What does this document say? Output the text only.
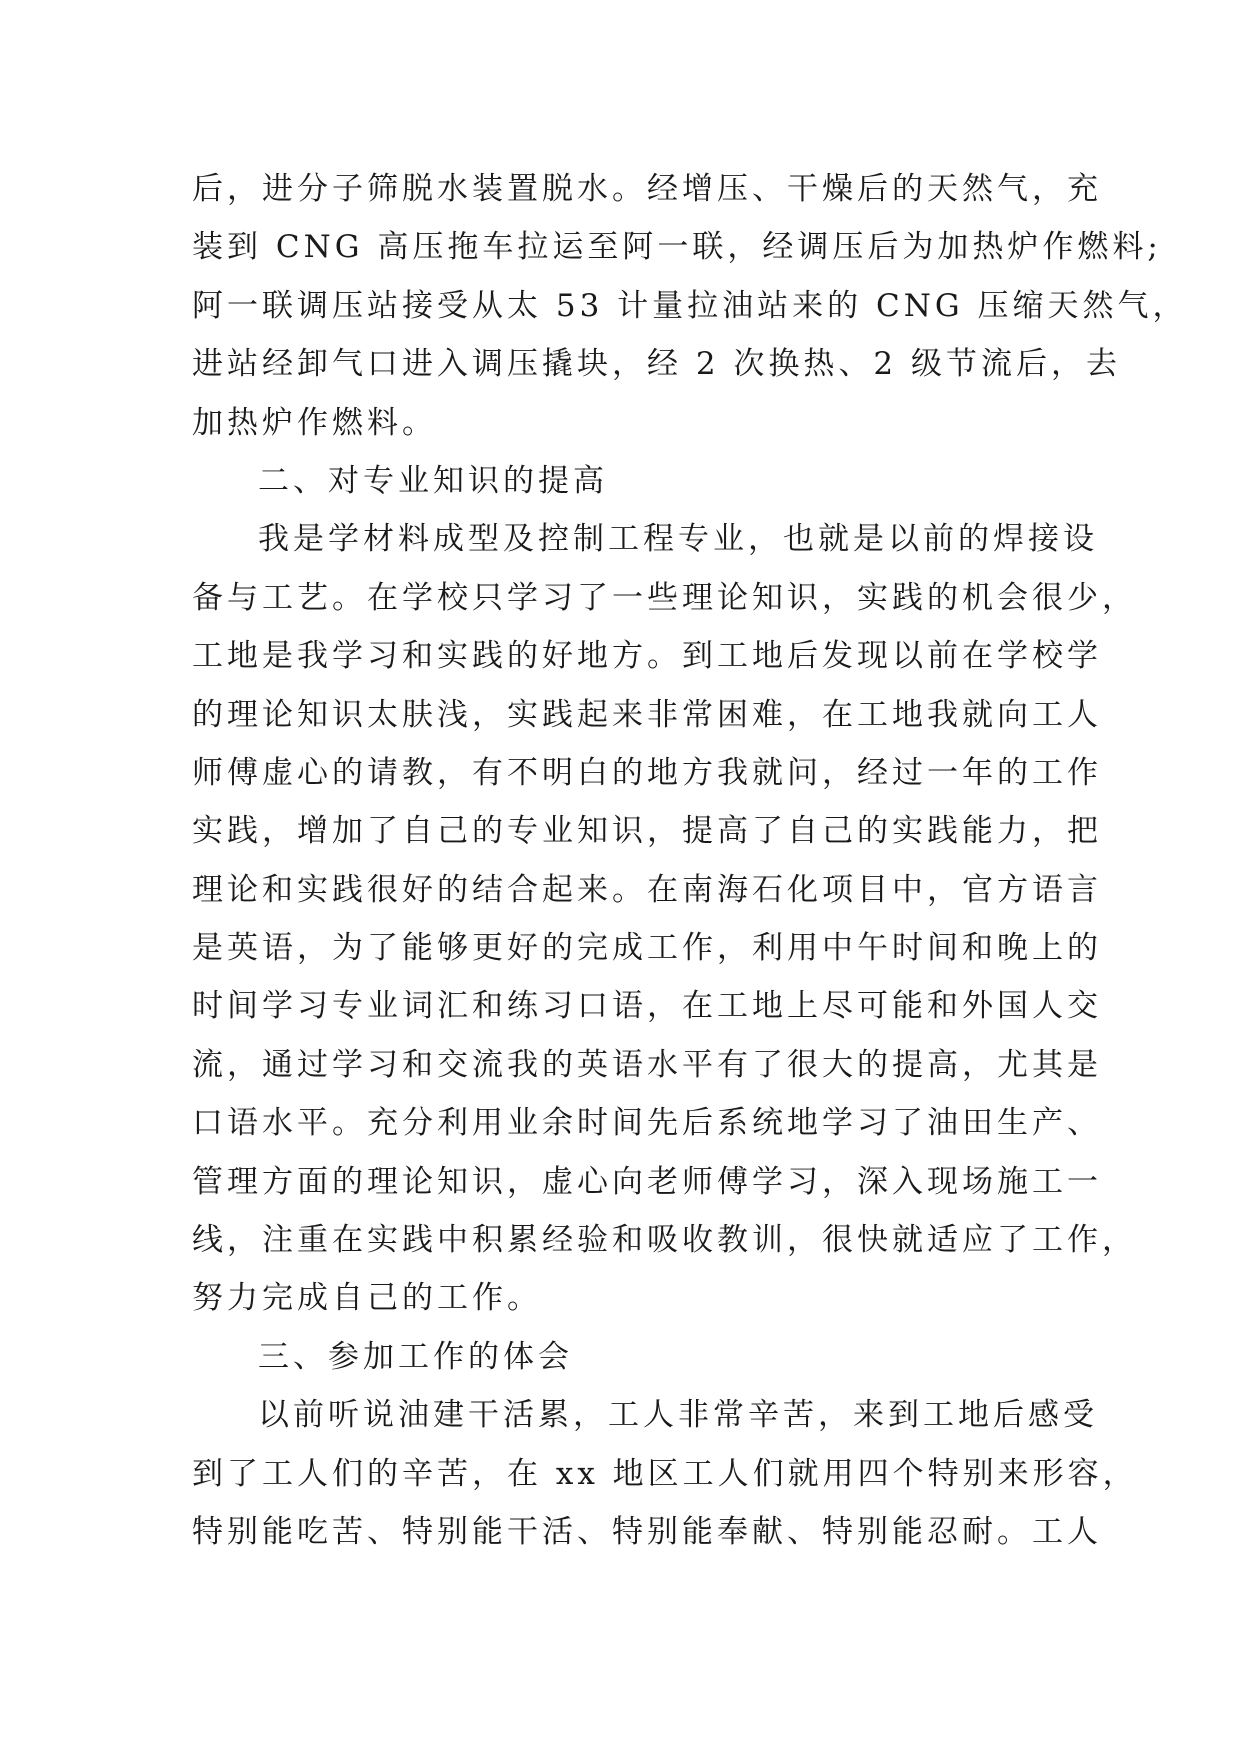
后，进分子筛脱水装置脱水。经增压、干燥后的天然气，充
装到 CNG 高压拖车拉运至阿一联，经调压后为加热炉作燃料;
阿一联调压站接受从太 53 计量拉油站来的 CNG 压缩天然气，
进站经卸气口进入调压撬块，经 2 次换热、2 级节流后，去
加热炉作燃料。
二、对专业知识的提高
我是学材料成型及控制工程专业，也就是以前的焊接设
备与工艺。在学校只学习了一些理论知识，实践的机会很少，
工地是我学习和实践的好地方。到工地后发现以前在学校学
的理论知识太肤浅，实践起来非常困难，在工地我就向工人
师傅虚心的请教，有不明白的地方我就问，经过一年的工作
实践，增加了自己的专业知识，提高了自己的实践能力，把
理论和实践很好的结合起来。在南海石化项目中，官方语言
是英语，为了能够更好的完成工作，利用中午时间和晚上的
时间学习专业词汇和练习口语，在工地上尽可能和外国人交
流，通过学习和交流我的英语水平有了很大的提高，尤其是
口语水平。充分利用业余时间先后系统地学习了油田生产、
管理方面的理论知识，虚心向老师傅学习，深入现场施工一
线，注重在实践中积累经验和吸收教训，很快就适应了工作，
努力完成自己的工作。
三、参加工作的体会
以前听说油建干活累，工人非常辛苦，来到工地后感受
到了工人们的辛苦，在 xx 地区工人们就用四个特别来形容，
特别能吃苦、特别能干活、特别能奉献、特别能忍耐。工人
